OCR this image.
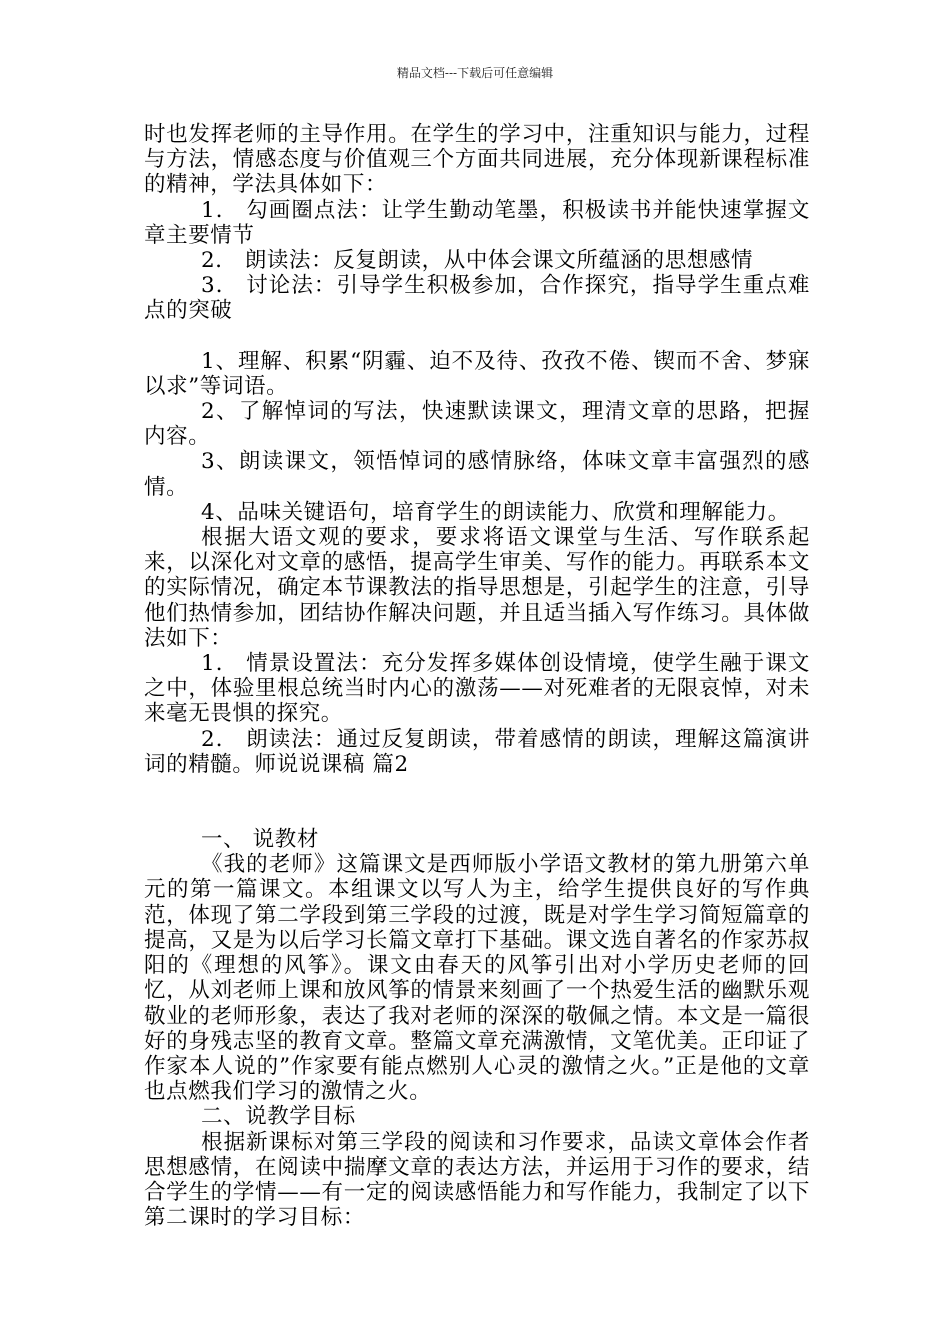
精品文档---下载后可任意编辑

时也发挥老师的主导作用。在学生的学习中，注重知识与能力，过程与方法，情感态度与价值观三个方面共同进展，充分体现新课程标准的精神，学法具体如下：

1． 勾画圈点法：让学生勤动笔墨，积极读书并能快速掌握文章主要情节

2． 朗读法：反复朗读，从中体会课文所蕴涵的思想感情

3． 讨论法：引导学生积极参加，合作探究，指导学生重点难点的突破

1、理解、积累“阴霾、迫不及待、孜孜不倦、锲而不舍、梦寐以求”等词语。

2、了解悼词的写法，快速默读课文，理清文章的思路，把握内容。

3、朗读课文，领悟悼词的感情脉络，体味文章丰富强烈的感情。

4、品味关键语句，培育学生的朗读能力、欣赏和理解能力。

根据大语文观的要求，要求将语文课堂与生活、写作联系起来，以深化对文章的感悟，提高学生审美、写作的能力。再联系本文的实际情况，确定本节课教法的指导思想是，引起学生的注意，引导他们热情参加，团结协作解决问题，并且适当插入写作练习。具体做法如下：

1． 情景设置法：充分发挥多媒体创设情境，使学生融于课文之中，体验里根总统当时内心的激荡——对死难者的无限哀悼，对未来毫无畏惧的探究。

2． 朗读法：通过反复朗读，带着感情的朗读，理解这篇演讲词的精髓。师说说课稿 篇2

一、 说教材

《我的老师》这篇课文是西师版小学语文教材的第九册第六单元的第一篇课文。本组课文以写人为主，给学生提供良好的写作典范，体现了第二学段到第三学段的过渡，既是对学生学习简短篇章的提高，又是为以后学习长篇文章打下基础。课文选自著名的作家苏叔阳的《理想的风筝》。课文由春天的风筝引出对小学历史老师的回忆，从刘老师上课和放风筝的情景来刻画了一个热爱生活的幽默乐观敬业的老师形象，表达了我对老师的深深的敬佩之情。本文是一篇很好的身残志坚的教育文章。整篇文章充满激情，文笔优美。正印证了作家本人说的”作家要有能点燃别人心灵的激情之火。”正是他的文章也点燃我们学习的激情之火。

二、说教学目标

根据新课标对第三学段的阅读和习作要求，品读文章体会作者思想感情，在阅读中揣摩文章的表达方法，并运用于习作的要求，结合学生的学情——有一定的阅读感悟能力和写作能力，我制定了以下第二课时的学习目标：
